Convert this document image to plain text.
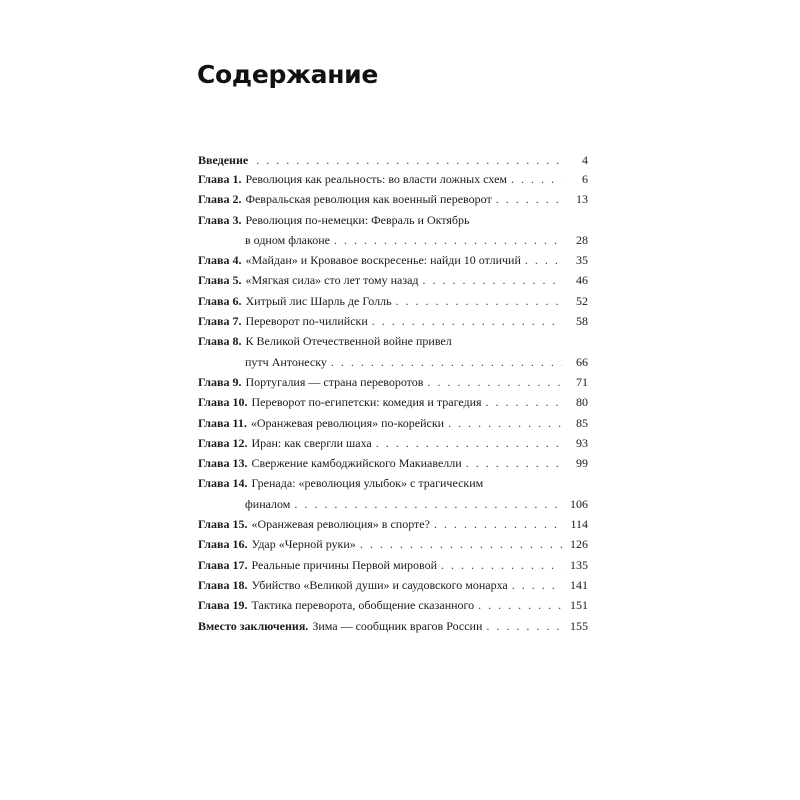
Содержание
Введение . . .	4
Глава 1. Революция как реальность: во власти ложных схем . . .	6
Глава 2. Февральская революция как военный переворот . . .	13
Глава 3. Революция по-немецки: Февраль и Октябрь
в одном флаконе . . .	28
Глава 4. «Майдан» и Кровавое воскресенье: найди 10 отличий . . .	35
Глава 5. «Мягкая сила» сто лет тому назад . . .	46
Глава 6. Хитрый лис Шарль де Голль . . .	52
Глава 7. Переворот по-чилийски . . .	58
Глава 8. К Великой Отечественной войне привел
путч Антонеску . . .	66
Глава 9. Португалия — страна переворотов . . .	71
Глава 10. Переворот по-египетски: комедия и трагедия . . .	80
Глава 11. «Оранжевая революция» по-корейски . . .	85
Глава 12. Иран: как свергли шаха . . .	93
Глава 13. Свержение камбоджийского Макиавелли . . .	99
Глава 14. Гренада: «революция улыбок» с трагическим
финалом . . .	106
Глава 15. «Оранжевая революция» в спорте? . . .	114
Глава 16. Удар «Черной руки» . . .	126
Глава 17. Реальные причины Первой мировой . . .	135
Глава 18. Убийство «Великой души» и саудовского монарха . . .	141
Глава 19. Тактика переворота, обобщение сказанного . . .	151
Вместо заключения. Зима — сообщник врагов России . . .	155
